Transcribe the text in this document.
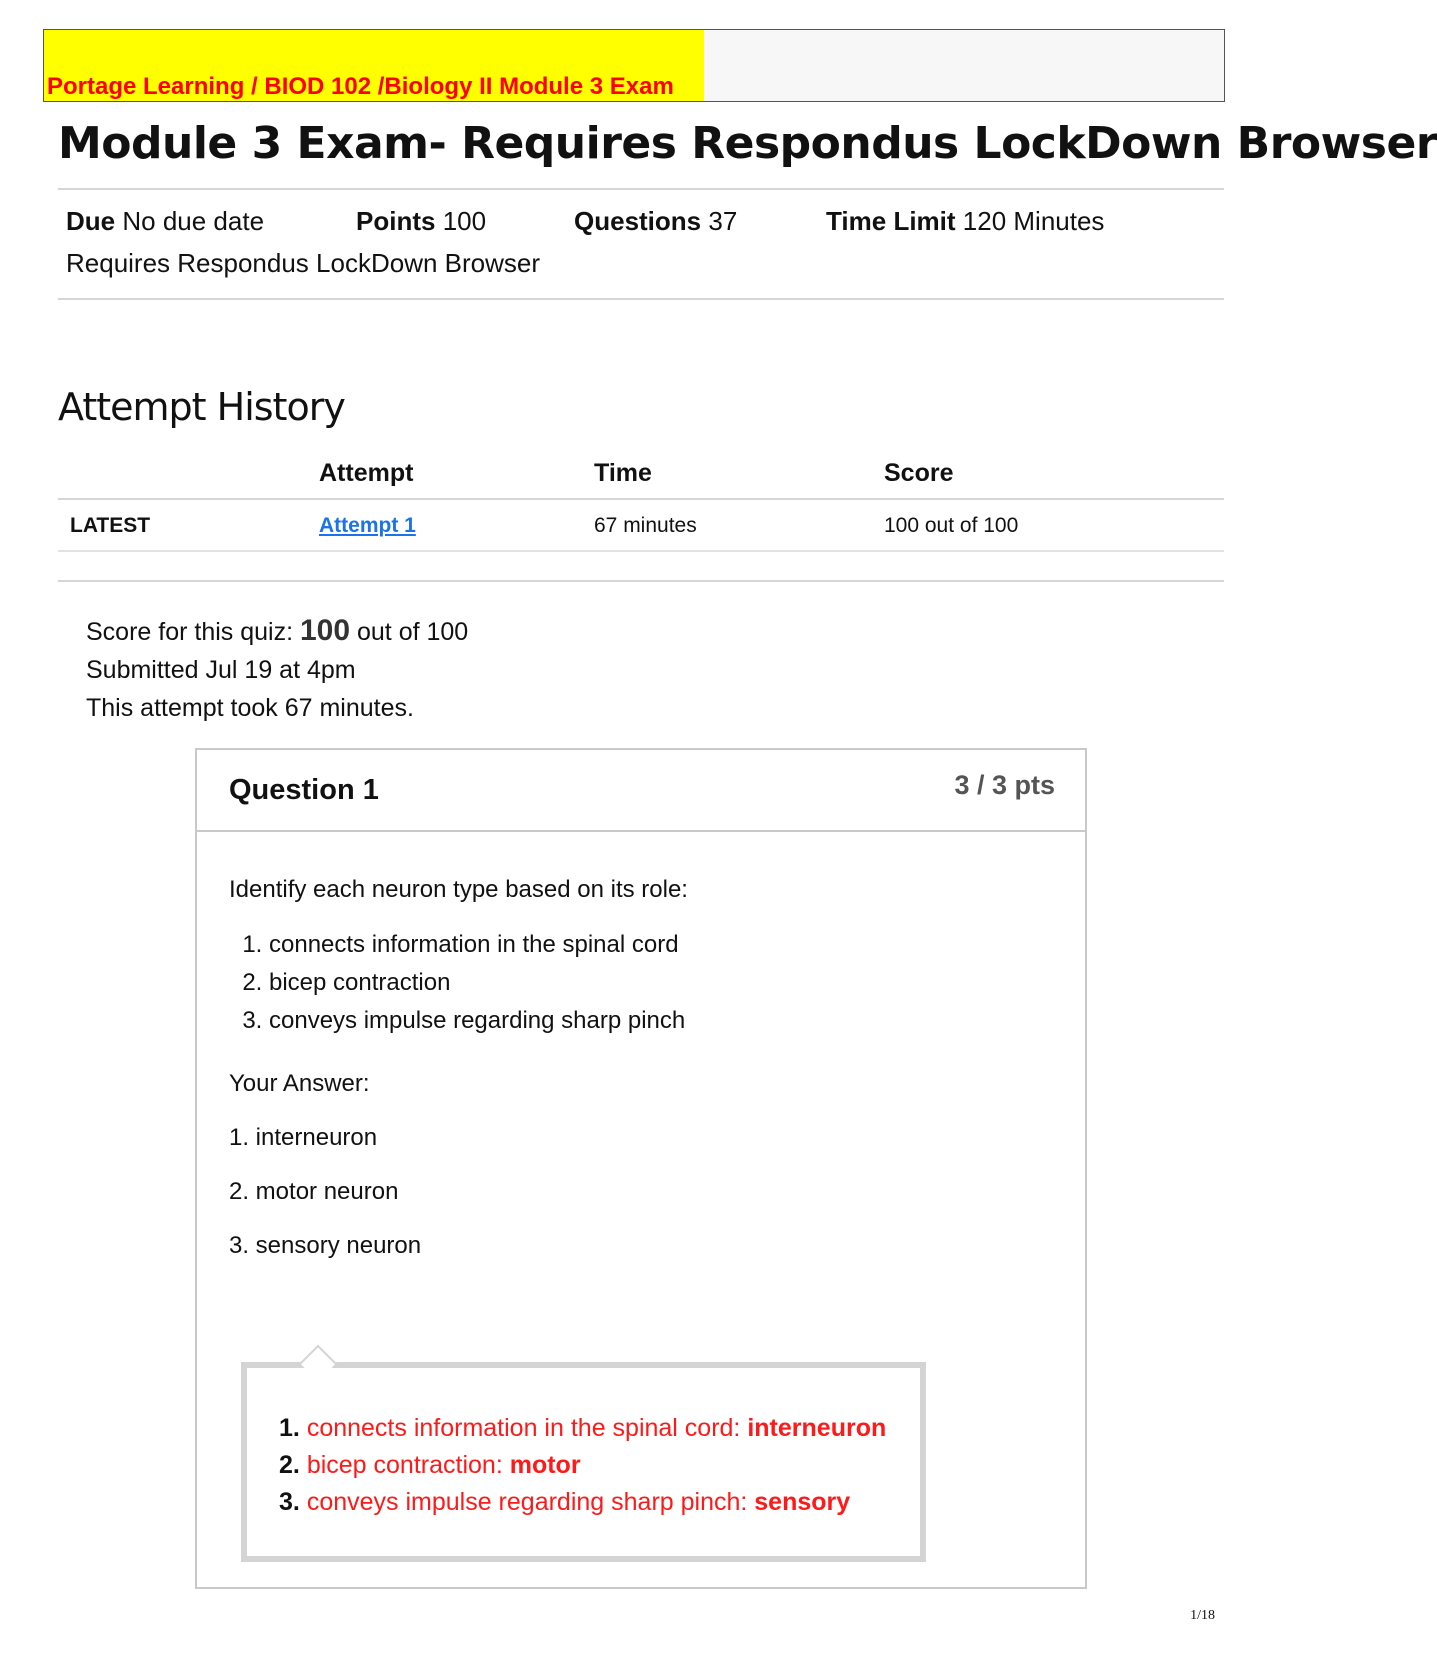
Portage Learning / BIOD 102 /Biology II Module 3 Exam
Module 3 Exam- Requires Respondus LockDown Browser
Due No due date	Points 100	Questions 37	Time Limit 120 Minutes
Requires Respondus LockDown Browser
Attempt History
	Attempt	Time	Score
LATEST	Attempt 1	67 minutes	100 out of 100
Score for this quiz: 100 out of 100
Submitted Jul 19 at 4pm
This attempt took 67 minutes.
Question 1	3 / 3 pts

Identify each neuron type based on its role:

1. connects information in the spinal cord
2. bicep contraction
3. conveys impulse regarding sharp pinch

Your Answer:

1. interneuron

2. motor neuron

3. sensory neuron

1. connects information in the spinal cord: interneuron
2. bicep contraction: motor
3. conveys impulse regarding sharp pinch: sensory
1/18
